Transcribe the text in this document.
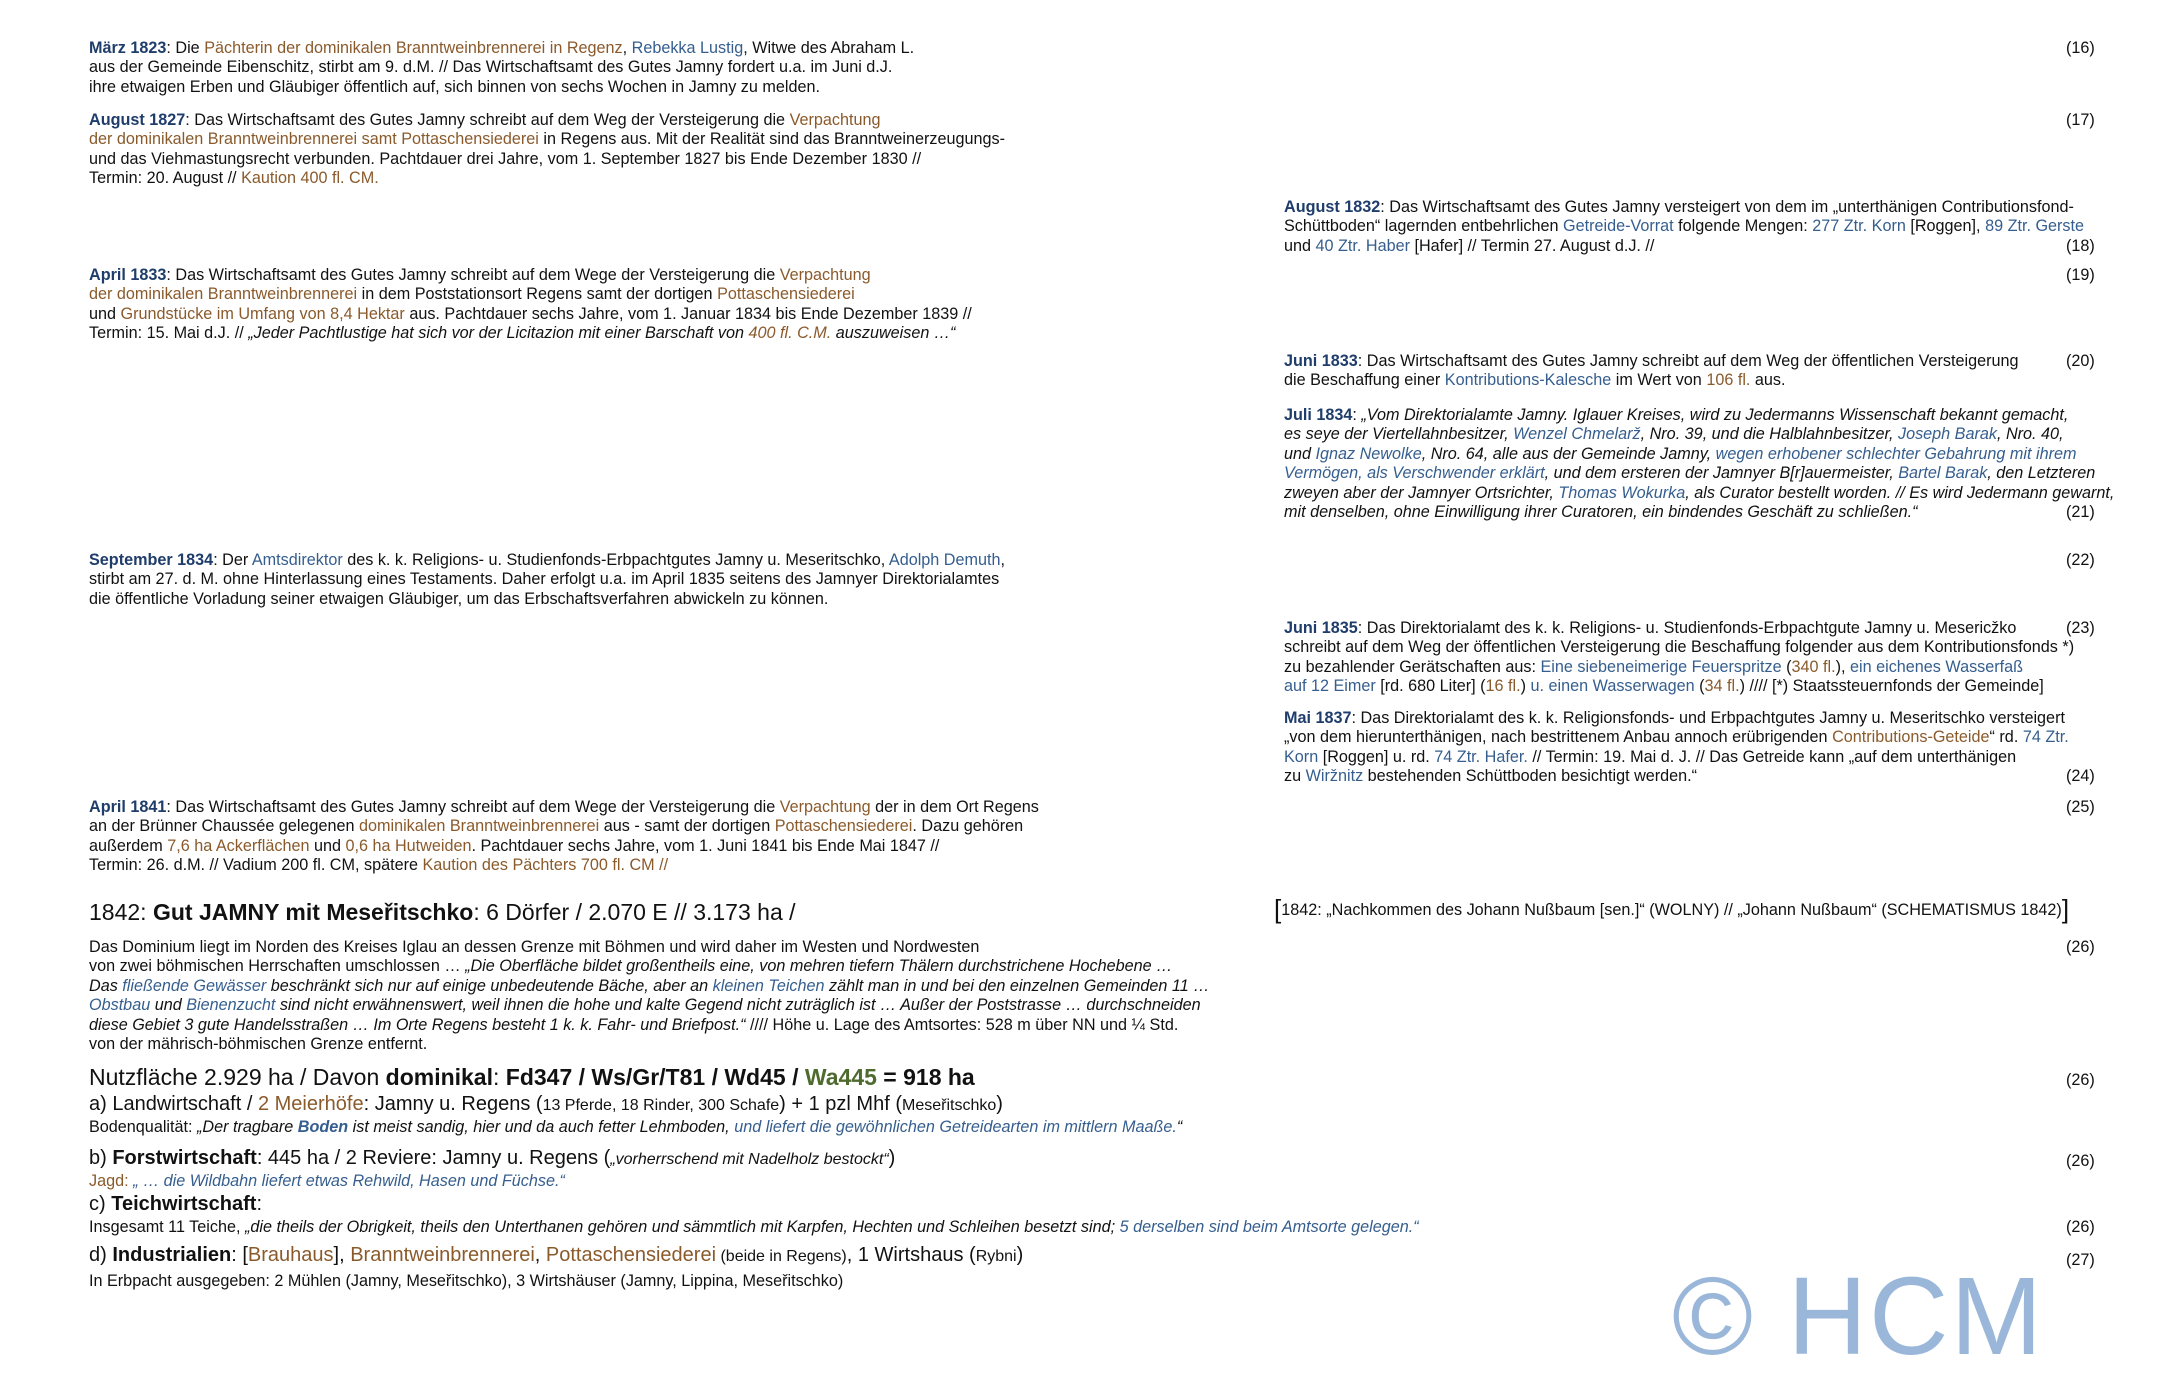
März 1823: Die Pächterin der dominikalen Branntweinbrennerei in Regenz, Rebekka Lustig, Witwe des Abraham L.
aus der Gemeinde Eibenschitz, stirbt am 9. d.M. // Das Wirtschaftsamt des Gutes Jamny fordert u.a. im Juni d.J.
ihre etwaigen Erben und Gläubiger öffentlich auf, sich binnen von sechs Wochen in Jamny zu melden.
(16)
August 1827: Das Wirtschaftsamt des Gutes Jamny schreibt auf dem Weg der Versteigerung die Verpachtung
der dominikalen Branntweinbrennerei samt Pottaschensiederei in Regens aus. Mit der Realität sind das Branntweinerzeugungs-
und das Viehmastungsrecht verbunden. Pachtdauer drei Jahre, vom 1. September 1827 bis Ende Dezember 1830 //
Termin: 20. August // Kaution 400 fl. CM.
(17)
August 1832: Das Wirtschaftsamt des Gutes Jamny versteigert von dem im „unterthänigen Contributionsfond-
Schüttboden“ lagernden entbehrlichen Getreide-Vorrat folgende Mengen: 277 Ztr. Korn [Roggen], 89 Ztr. Gerste
und 40 Ztr. Haber [Hafer] // Termin 27. August d.J. //	(18)
April 1833: Das Wirtschaftsamt des Gutes Jamny schreibt auf dem Wege der Versteigerung die Verpachtung
der dominikalen Branntweinbrennerei in dem Poststationsort Regens samt der dortigen Pottaschensiederei
und Grundstücke im Umfang von 8,4 Hektar aus. Pachtdauer sechs Jahre, vom 1. Januar 1834 bis Ende Dezember 1839 //
Termin: 15. Mai d.J. // „Jeder Pachtlustige hat sich vor der Licitazion mit einer Barschaft von 400 fl. C.M. auszuweisen …“
(19)
Juni 1833: Das Wirtschaftsamt des Gutes Jamny schreibt auf dem Weg der öffentlichen Versteigerung
die Beschaffung einer Kontributions-Kalesche im Wert von 106 fl. aus.
(20)
Juli 1834: „Vom Direktorialamte Jamny. Iglauer Kreises, wird zu Jedermanns Wissenschaft bekannt gemacht,
es seye der Viertellahnbesitzer, Wenzel Chmelarž, Nro. 39, und die Halblahnbesitzer, Joseph Barak, Nro. 40,
und Ignaz Newolke, Nro. 64, alle aus der Gemeinde Jamny, wegen erhobener schlechter Gebahrung mit ihrem
Vermögen, als Verschwender erklärt, und dem ersteren der Jamnyer B[r]auermeister, Bartel Barak, den Letzteren
zweyen aber der Jamnyer Ortsrichter, Thomas Wokurka, als Curator bestellt worden. // Es wird Jedermann gewarnt,
mit denselben, ohne Einwilligung ihrer Curatoren, ein bindendes Geschäft zu schließen.“	(21)
September 1834: Der Amtsdirektor des k. k. Religions- u. Studienfonds-Erbpachtgutes Jamny u. Meseritschko, Adolph Demuth,
stirbt am 27. d. M. ohne Hinterlassung eines Testaments. Daher erfolgt u.a. im April 1835 seitens des Jamnyer Direktorialamtes
die öffentliche Vorladung seiner etwaigen Gläubiger, um das Erbschaftsverfahren abwickeln zu können.
(22)
Juni 1835: Das Direktorialamt des k. k. Religions- u. Studienfonds-Erbpachtgute Jamny u. Mesericžko
schreibt auf dem Weg der öffentlichen Versteigerung die Beschaffung folgender aus dem Kontributionsfonds *)
zu bezahlender Gerätschaften aus: Eine siebeneimerige Feuerspritze (340 fl.), ein eichenes Wasserfaß
auf 12 Eimer [rd. 680 Liter] (16 fl.) u. einen Wasserwagen (34 fl.) //// [*) Staatssteuernfonds der Gemeinde]
(23)
Mai 1837: Das Direktorialamt des k. k. Religionsfonds- und Erbpachtgutes Jamny u. Meseritschko versteigert
„von dem hierunterthänigen, nach bestrittenem Anbau annoch erübrigenden Contributions-Geteide“ rd. 74 Ztr.
Korn [Roggen] u. rd. 74 Ztr. Hafer. // Termin: 19. Mai d. J. // Das Getreide kann „auf dem unterthänigen
zu Wiržnitz bestehenden Schüttboden besichtigt werden.“	(24)
April 1841: Das Wirtschaftsamt des Gutes Jamny schreibt auf dem Wege der Versteigerung die Verpachtung der in dem Ort Regens
an der Brünner Chaussée gelegenen dominikalen Branntweinbrennerei aus - samt der dortigen Pottaschensiederei. Dazu gehören
außerdem 7,6 ha Ackerflächen und 0,6 ha Hutweiden. Pachtdauer sechs Jahre, vom 1. Juni 1841 bis Ende Mai 1847 //
Termin: 26. d.M. // Vadium 200 fl. CM, spätere Kaution des Pächters 700 fl. CM //
(25)
1842: Gut JAMNY mit Meseřitschko: 6 Dörfer / 2.070 E // 3.173 ha /	[1842: „Nachkommen des Johann Nußbaum [sen.]“ (WOLNY) // „Johann Nußbaum“ (SCHEMATISMUS 1842)]
Das Dominium liegt im Norden des Kreises Iglau an dessen Grenze mit Böhmen und wird daher im Westen und Nordwesten
von zwei böhmischen Herrschaften umschlossen … „Die Oberfläche bildet großentheils eine, von mehren tiefern Thälern durchstrichene Hochebene …
Das fließende Gewässer beschränkt sich nur auf einige unbedeutende Bäche, aber an kleinen Teichen zählt man in und bei den einzelnen Gemeinden 11 …
Obstbau und Bienenzucht sind nicht erwähnenswert, weil ihnen die hohe und kalte Gegend nicht zuträglich ist … Außer der Poststrasse … durchschneiden
diese Gebiet 3 gute Handelsstraßen … Im Orte Regens besteht 1 k. k. Fahr- und Briefpost.“ //// Höhe u. Lage des Amtsortes: 528 m über NN und ¼ Std.
von der mährisch-böhmischen Grenze entfernt.
(26)
Nutzfläche 2.929 ha / Davon dominikal: Fd347 / Ws/Gr/T81 / Wd45 / Wa445 = 918 ha	(26)
a) Landwirtschaft / 2 Meierhöfe: Jamny u. Regens (13 Pferde, 18 Rinder, 300 Schafe) + 1 pzl Mhf (Meseřitschko)
Bodenqualität: „Der tragbare Boden ist meist sandig, hier und da auch fetter Lehmboden, und liefert die gewöhnlichen Getreidearten im mittlern Maaße.“
b) Forstwirtschaft: 445 ha / 2 Reviere: Jamny u. Regens („vorherrschend mit Nadelholz bestockt“)	(26)
Jagd: „ … die Wildbahn liefert etwas Rehwild, Hasen und Füchse.“
c) Teichwirtschaft:
Insgesamt 11 Teiche, „die theils der Obrigkeit, theils den Unterthanen gehören und sämmtlich mit Karpfen, Hechten und Schleihen besetzt sind; 5 derselben sind beim Amtsorte gelegen.“	(26)
d) Industrialien: [Brauhaus], Branntweinbrennerei, Pottaschensiederei (beide in Regens), 1 Wirtshaus (Rybni)	(27)
In Erbpacht ausgegeben: 2 Mühlen (Jamny, Meseřitschko), 3 Wirtshäuser (Jamny, Lippina, Meseřitschko)	© HCM
